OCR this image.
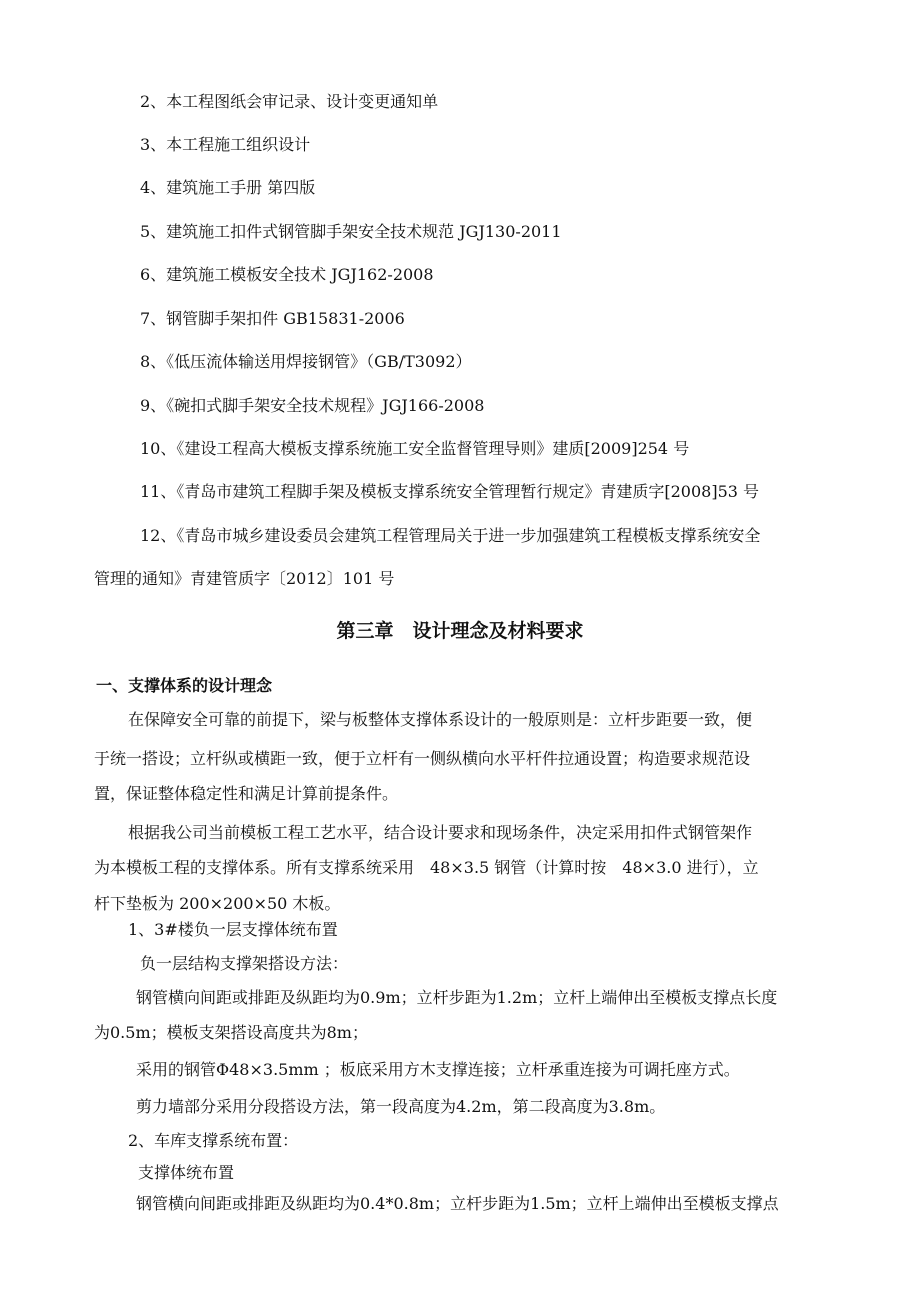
2、本工程图纸会审记录、设计变更通知单
3、本工程施工组织设计
4、建筑施工手册 第四版
5、建筑施工扣件式钢管脚手架安全技术规范 JGJ130-2011
6、建筑施工模板安全技术 JGJ162-2008
7、钢管脚手架扣件 GB15831-2006
8、《低压流体输送用焊接钢管》（GB/T3092）
9、《碗扣式脚手架安全技术规程》JGJ166-2008
10、《建设工程高大模板支撑系统施工安全监督管理导则》建质[2009]254 号
11、《青岛市建筑工程脚手架及模板支撑系统安全管理暂行规定》青建质字[2008]53 号
12、《青岛市城乡建设委员会建筑工程管理局关于进一步加强建筑工程模板支撑系统安全
管理的通知》青建管质字〔2012〕101 号
第三章　设计理念及材料要求
一、支撑体系的设计理念
在保障安全可靠的前提下，梁与板整体支撑体系设计的一般原则是：立杆步距要一致，便
于统一搭设；立杆纵或横距一致，便于立杆有一侧纵横向水平杆件拉通设置；构造要求规范设
置，保证整体稳定性和满足计算前提条件。
根据我公司当前模板工程工艺水平，结合设计要求和现场条件，决定采用扣件式钢管架作
为本模板工程的支撑体系。所有支撑系统采用　48×3.5 钢管（计算时按　48×3.0 进行），立
杆下垫板为 200×200×50 木板。
1、3#楼负一层支撑体统布置
负一层结构支撑架搭设方法：
钢管横向间距或排距及纵距均为0.9m；立杆步距为1.2m；立杆上端伸出至模板支撑点长度
为0.5m；模板支架搭设高度共为8m；
采用的钢管Φ48×3.5mm ；板底采用方木支撑连接；立杆承重连接为可调托座方式。
剪力墙部分采用分段搭设方法，第一段高度为4.2m，第二段高度为3.8m。
2、车库支撑系统布置：
支撑体统布置
钢管横向间距或排距及纵距均为0.4*0.8m；立杆步距为1.5m；立杆上端伸出至模板支撑点
